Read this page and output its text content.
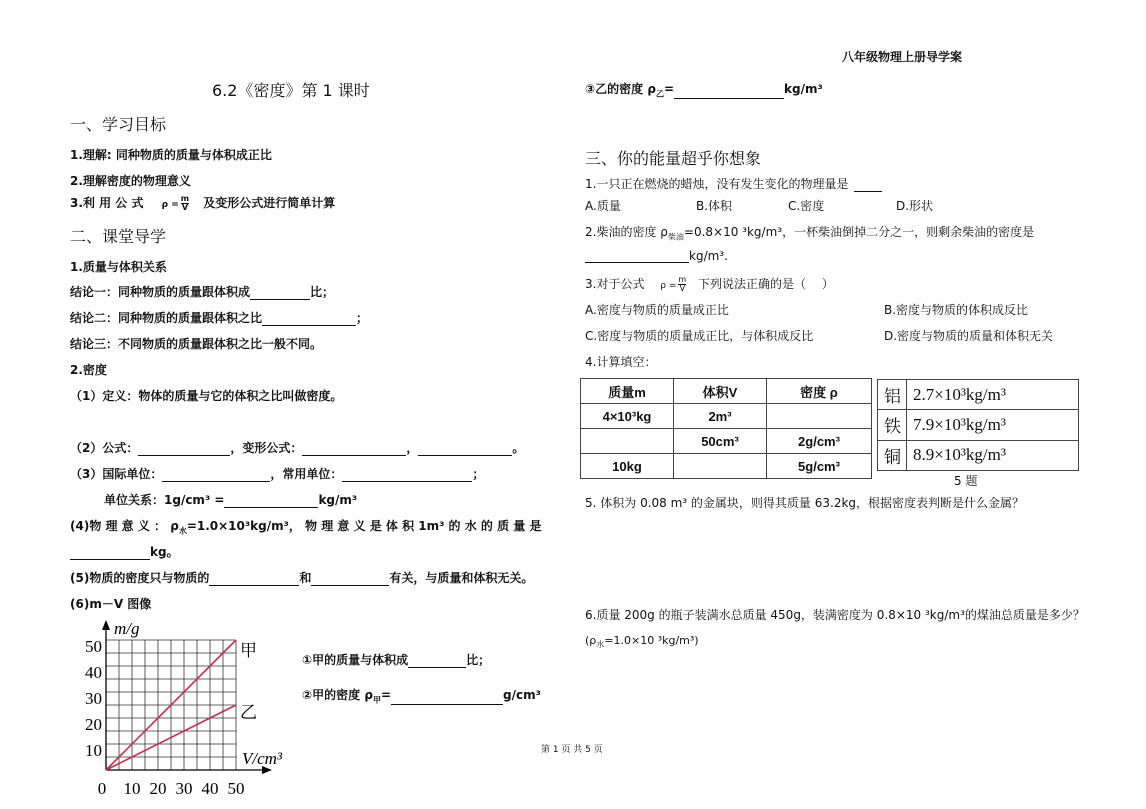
八年级物理上册导学案
6.2《密度》第 1 课时
一、学习目标
1.理解: 同种物质的质量与体积成正比
2.理解密度的物理意义
3.利 用 公 式 $\rho = \frac{m}{V}$ 及变形公式进行简单计算
二、课堂导学
1.质量与体积关系
结论一：同种物质的质量跟体积成	比；
结论二：同种物质的质量跟体积之比	；
结论三：不同物质的质量跟体积之比一般不同。
2.密度
（1）定义：物体的质量与它的体积之比叫做密度。
（2）公式：	，变形公式：	，	。
（3）国际单位：	，常用单位：	；
单位关系：1g/cm³ =	kg/m³
(4)物 理 意 义 ： $\rho_水=1.0\times 10^3kg/m^3$， 物 理 意 义 是 体 积 1m³ 的 水 的 质 量 是
kg。
(5)物质的密度只与物质的	和	有关，与质量和体积无关。
(6)m－V 图像
m/g
V/cm³
甲
乙
10
20
30
40
50
0 10 20 30 40 50
①甲的质量与体积成	比；
②甲的密度 $\rho_甲=$	g/cm³
③乙的密度 $\rho_乙=$	kg/m³
三、你的能量超乎你想象
1.一只正在燃烧的蜡烛，没有发生变化的物理量是
A.质量	B.体积	C.密度	D.形状
2.柴油的密度 $\rho_{柴油}=0.8\times 10$ ³kg/m³，一杯柴油倒掉二分之一，则剩余柴油的密度是
kg/m³.
3.对于公式 $\rho = \frac{m}{V}$ 下列说法正确的是（　 ）
A.密度与物质的质量成正比	B.密度与物质的体积成反比
C.密度与物质的质量成正比，与体积成反比	D.密度与物质的质量和体积无关
4.计算填空：
质量m	体积V	密度 ρ
4×10³kg	2m³	
	50cm³	2g/cm³
10kg		5g/cm³
铝	2.7×10³kg/m³
铁	7.9×10³kg/m³
铜	8.9×10³kg/m³
5 题
5. 体积为 0.08 m³ 的金属块，则得其质量 63.2kg，根据密度表判断是什么金属？
6.质量 200g 的瓶子装满水总质量 450g，装满密度为 0.8×10 ³kg/m³的煤油总质量是多少？
($\rho_水=1.0\times 10$ ³kg/m³)
第 1 页 共 5 页
